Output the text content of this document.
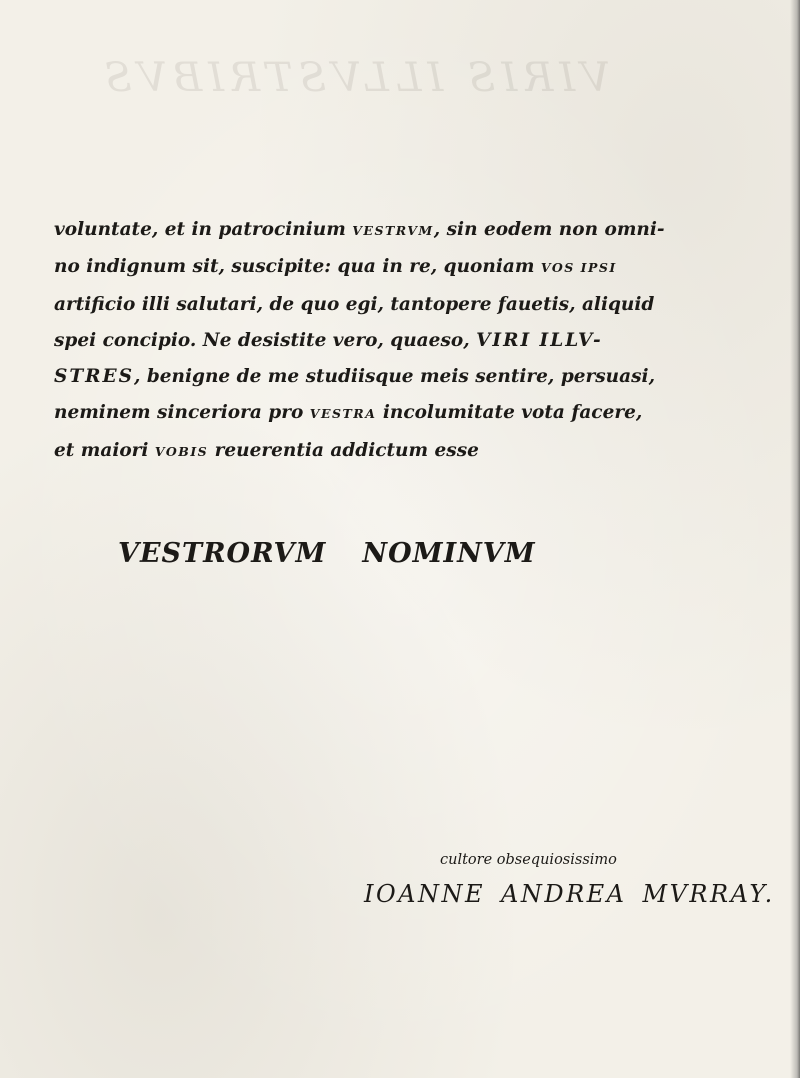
VIRIS ILLVSTRIBVS
voluntate, et in patrocinium VESTRVM, sin eodem non omni-
no indignum sit, suscipite: qua in re, quoniam VOS IPSI
artificio illi salutari, de quo egi, tantopere fauetis, aliquid
spei concipio. Ne desistite vero, quaeso, VIRI ILLV-
STRES, benigne de me studiisque meis sentire, persuasi,
neminem sinceriora pro VESTRA incolumitate vota facere,
et maiori VOBIS reuerentia addictum esse
VESTRORVM NOMINVM
cultore obsequiosissimo
IOANNE ANDREA MVRRAY.
